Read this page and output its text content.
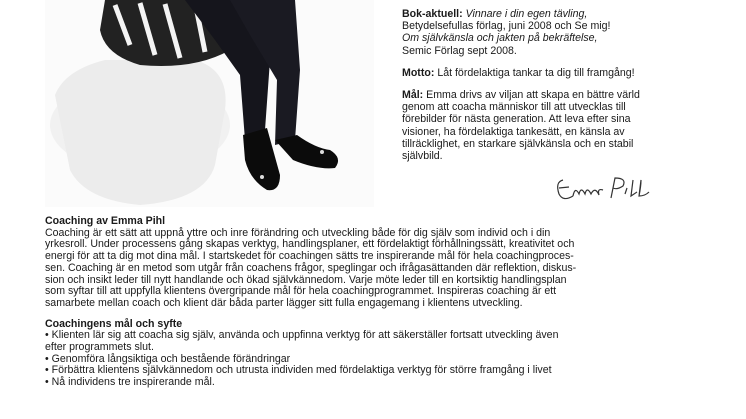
Bok-aktuell: Vinnare i din egen tävling,
Betydelsefullas förlag, juni 2008 och Se mig!
Om självkänsla och jakten på bekräftelse,
Semic Förlag sept 2008.

Motto: Låt fördelaktiga tankar ta dig till framgång!

Mål: Emma drivs av viljan att skapa en bättre värld
genom att coacha människor till att utvecklas till
förebilder för nästa generation. Att leva efter sina
visioner, ha fördelaktiga tankesätt, en känsla av
tillräcklighet, en starkare självkänsla och en stabil
självbild.

Coaching av Emma Pihl

Coaching är ett sätt att uppnå yttre och inre förändring och utveckling både för dig själv som individ och i din
yrkesroll. Under processens gång skapas verktyg, handlingsplaner, ett fördelaktigt förhållningssätt, kreativitet och
energi för att ta dig mot dina mål. I startskedet för coachingen sätts tre inspirerande mål för hela coachingproces-
sen. Coaching är en metod som utgår från coachens frågor, speglingar och ifrågasättanden där reflektion, diskus-
sion och insikt leder till nytt handlande och ökad självkännedom. Varje möte leder till en kortsiktig handlingsplan
som syftar till att uppfylla klientens övergripande mål för hela coachingprogrammet. Inspireras coaching är ett
samarbete mellan coach och klient där båda parter lägger sitt fulla engagemang i klientens utveckling.

Coachingens mål och syfte
• Klienten lär sig att coacha sig själv, använda och uppfinna verktyg för att säkerställer fortsatt utveckling även
efter programmets slut.
• Genomföra långsiktiga och bestående förändringar
• Förbättra klientens självkännedom och utrusta individen med fördelaktiga verktyg för större framgång i livet
• Nå individens tre inspirerande mål.
